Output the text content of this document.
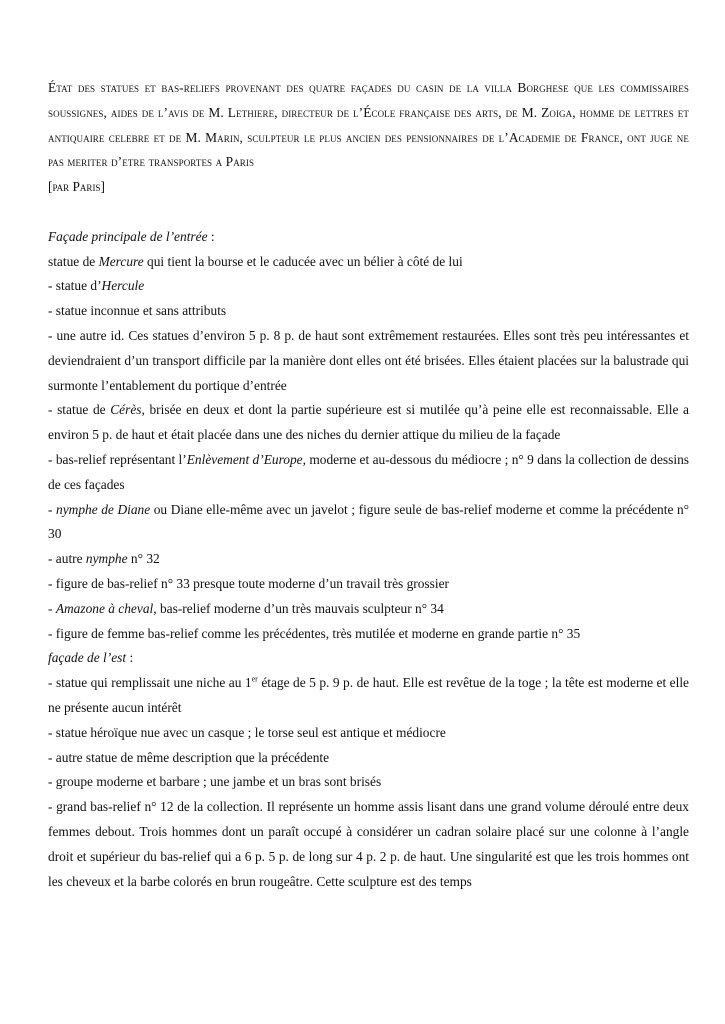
État des statues et bas-reliefs provenant des quatre façades du casin de la villa Borghese que les commissaires soussignes, aides de l’avis de M. Lethiere, directeur de l’École française des arts, de M. Zoiga, homme de lettres et antiquaire celebre et de M. Marin, sculpteur le plus ancien des pensionnaires de l’Academie de France, ont juge ne pas meriter d’etre transportes a Paris
[par Paris]
Façade principale de l’entrée :
statue de Mercure qui tient la bourse et le caducée avec un bélier à côté de lui
- statue d’Hercule
- statue inconnue et sans attributs
- une autre id. Ces statues d’environ 5 p. 8 p. de haut sont extrêmement restaurées. Elles sont très peu intéressantes et deviendraient d’un transport difficile par la manière dont elles ont été brisées. Elles étaient placées sur la balustrade qui surmonte l’entablement du portique d’entrée
- statue de Cérès, brisée en deux et dont la partie supérieure est si mutilée qu’à peine elle est reconnaissable. Elle a environ 5 p. de haut et était placée dans une des niches du dernier attique du milieu de la façade
- bas-relief représentant l’Enlèvement d’Europe, moderne et au-dessous du médiocre ; n° 9 dans la collection de dessins de ces façades
- nymphe de Diane ou Diane elle-même avec un javelot ; figure seule de bas-relief moderne et comme la précédente n° 30
- autre nymphe n° 32
- figure de bas-relief n° 33 presque toute moderne d’un travail très grossier
- Amazone à cheval, bas-relief moderne d’un très mauvais sculpteur n° 34
- figure de femme bas-relief comme les précédentes, très mutilée et moderne en grande partie n° 35
façade de l’est :
- statue qui remplissait une niche au 1er étage de 5 p. 9 p. de haut. Elle est revêtue de la toge ; la tête est moderne et elle ne présente aucun intérêt
- statue héroïque nue avec un casque ; le torse seul est antique et médiocre
- autre statue de même description que la précédente
- groupe moderne et barbare ; une jambe et un bras sont brisés
- grand bas-relief n° 12 de la collection. Il représente un homme assis lisant dans une grand volume déroulé entre deux femmes debout. Trois hommes dont un paraît occupé à considérer un cadran solaire placé sur une colonne à l’angle droit et supérieur du bas-relief qui a 6 p. 5 p. de long sur 4 p. 2 p. de haut. Une singularité est que les trois hommes ont les cheveux et la barbe colorés en brun rougeâtre. Cette sculpture est des temps
